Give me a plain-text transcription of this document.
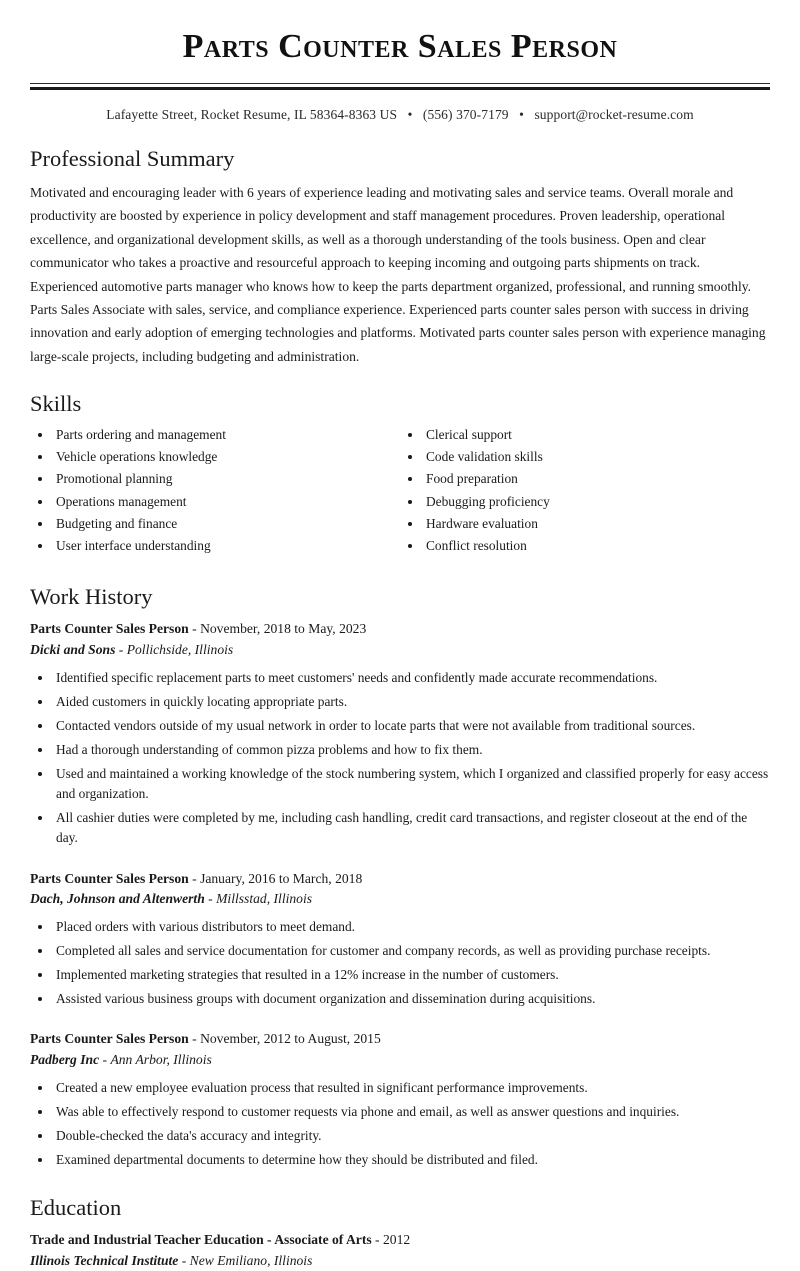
Parts Counter Sales Person
Lafayette Street, Rocket Resume, IL 58364-8363 US • (556) 370-7179 • support@rocket-resume.com
Professional Summary

Motivated and encouraging leader with 6 years of experience leading and motivating sales and service teams. Overall morale and productivity are boosted by experience in policy development and staff management procedures. Proven leadership, operational excellence, and organizational development skills, as well as a thorough understanding of the tools business. Open and clear communicator who takes a proactive and resourceful approach to keeping incoming and outgoing parts shipments on track. Experienced automotive parts manager who knows how to keep the parts department organized, professional, and running smoothly. Parts Sales Associate with sales, service, and compliance experience. Experienced parts counter sales person with success in driving innovation and early adoption of emerging technologies and platforms. Motivated parts counter sales person with experience managing large-scale projects, including budgeting and administration.

Skills
• Parts ordering and management
• Vehicle operations knowledge
• Promotional planning
• Operations management
• Budgeting and finance
• User interface understanding
• Clerical support
• Code validation skills
• Food preparation
• Debugging proficiency
• Hardware evaluation
• Conflict resolution
Work History
Parts Counter Sales Person - November, 2018 to May, 2023
Dicki and Sons - Pollichside, Illinois
• Identified specific replacement parts to meet customers' needs and confidently made accurate recommendations.
• Aided customers in quickly locating appropriate parts.
• Contacted vendors outside of my usual network in order to locate parts that were not available from traditional sources.
• Had a thorough understanding of common pizza problems and how to fix them.
• Used and maintained a working knowledge of the stock numbering system, which I organized and classified properly for easy access and organization.
• All cashier duties were completed by me, including cash handling, credit card transactions, and register closeout at the end of the day.
Parts Counter Sales Person - January, 2016 to March, 2018
Dach, Johnson and Altenwerth - Millsstad, Illinois
• Placed orders with various distributors to meet demand.
• Completed all sales and service documentation for customer and company records, as well as providing purchase receipts.
• Implemented marketing strategies that resulted in a 12% increase in the number of customers.
• Assisted various business groups with document organization and dissemination during acquisitions.
Parts Counter Sales Person - November, 2012 to August, 2015
Padberg Inc - Ann Arbor, Illinois
• Created a new employee evaluation process that resulted in significant performance improvements.
• Was able to effectively respond to customer requests via phone and email, as well as answer questions and inquiries.
• Double-checked the data's accuracy and integrity.
• Examined departmental documents to determine how they should be distributed and filed.
Education
Trade and Industrial Teacher Education - Associate of Arts - 2012
Illinois Technical Institute - New Emiliano, Illinois
